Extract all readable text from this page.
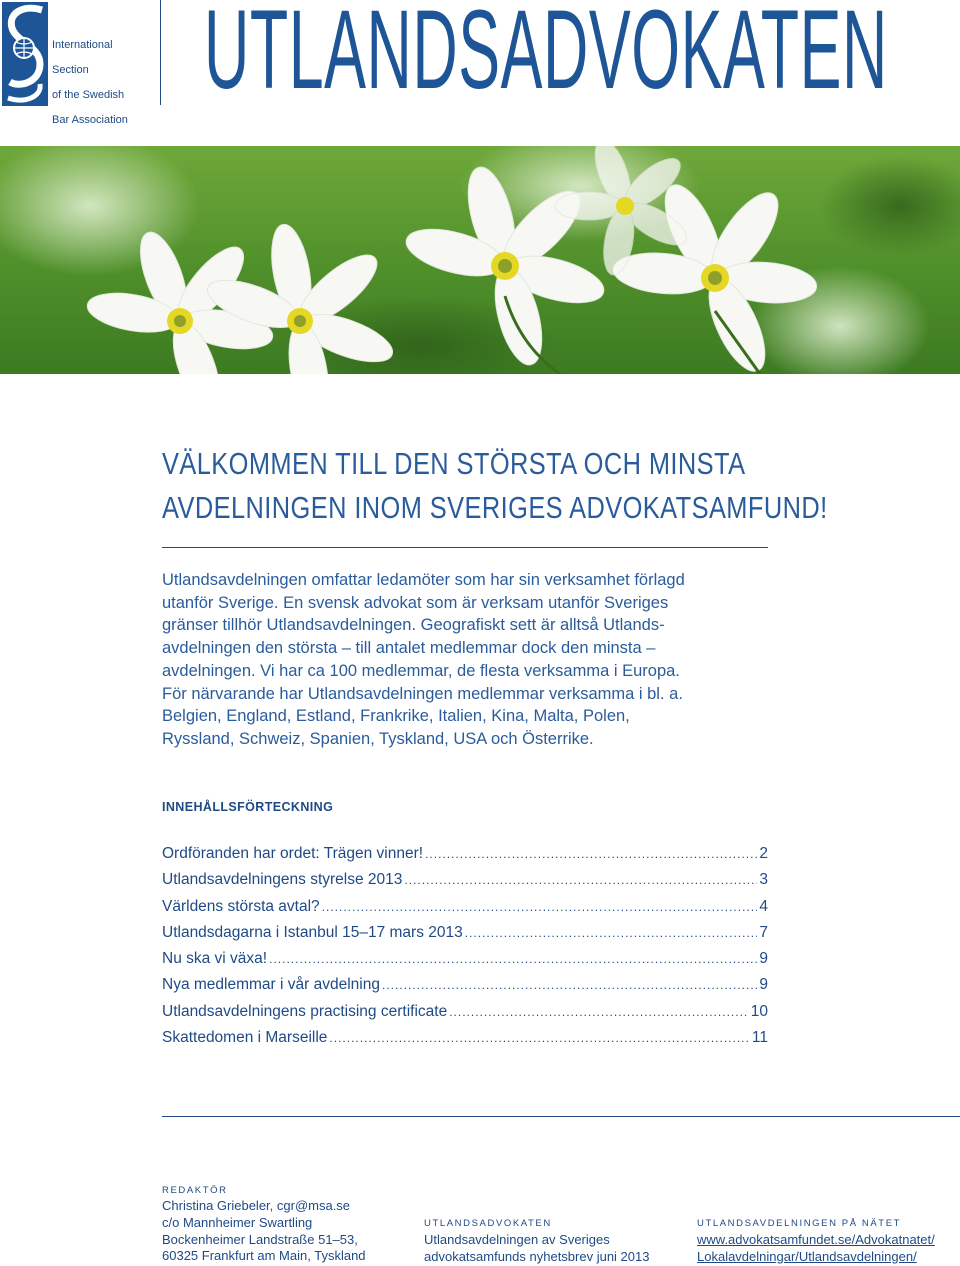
International

Section

of the Swedish

Bar Association

UTLANDSADVOKATEN
VÄLKOMMEN TILL DEN STÖRSTA OCH MINSTA
AVDELNINGEN INOM SVERIGES ADVOKATSAMFUND!

Utlandsavdelningen omfattar ledamöter som har sin verksamhet förlagd

utanför Sverige. En svensk advokat som är verksam utanför Sveriges

gränser tillhör Utlandsavdelningen. Geografiskt sett är alltså Utlands-

avdelningen den största – till antalet medlemmar dock den minsta –

avdelningen. Vi har ca 100 medlemmar, de flesta verksamma i Europa.

För närvarande har Utlandsavdelningen medlemmar verksamma i bl. a.

Belgien, England, Estland, Frankrike, Italien, Kina, Malta, Polen,

Ryssland, Schweiz, Spanien, Tyskland, USA och Österrike.

INNEHÅLLSFÖRTECKNING
Ordföranden har ordet: Trägen vinner! .....	2
Utlandsavdelningens styrelse 2013 .....	3
Världens största avtal? .....	4
Utlandsdagarna i Istanbul 15–17 mars 2013 .....	7
Nu ska vi växa! .....	9
Nya medlemmar i vår avdelning .....	9
Utlandsavdelningens practising certificate .....	10
Skattedomen i Marseille .....	11
REDAKTÖR
Christina Griebeler, cgr@msa.se
c/o Mannheimer Swartling
Bockenheimer Landstraße 51–53,
60325 Frankfurt am Main, Tyskland
UTLANDSADVOKATEN
Utlandsavdelningen av Sveriges
advokatsamfunds nyhetsbrev juni 2013
UTLANDSAVDELNINGEN PÅ NÄTET
www.advokatsamfundet.se/Advokatnatet/
Lokalavdelningar/Utlandsavdelningen/
